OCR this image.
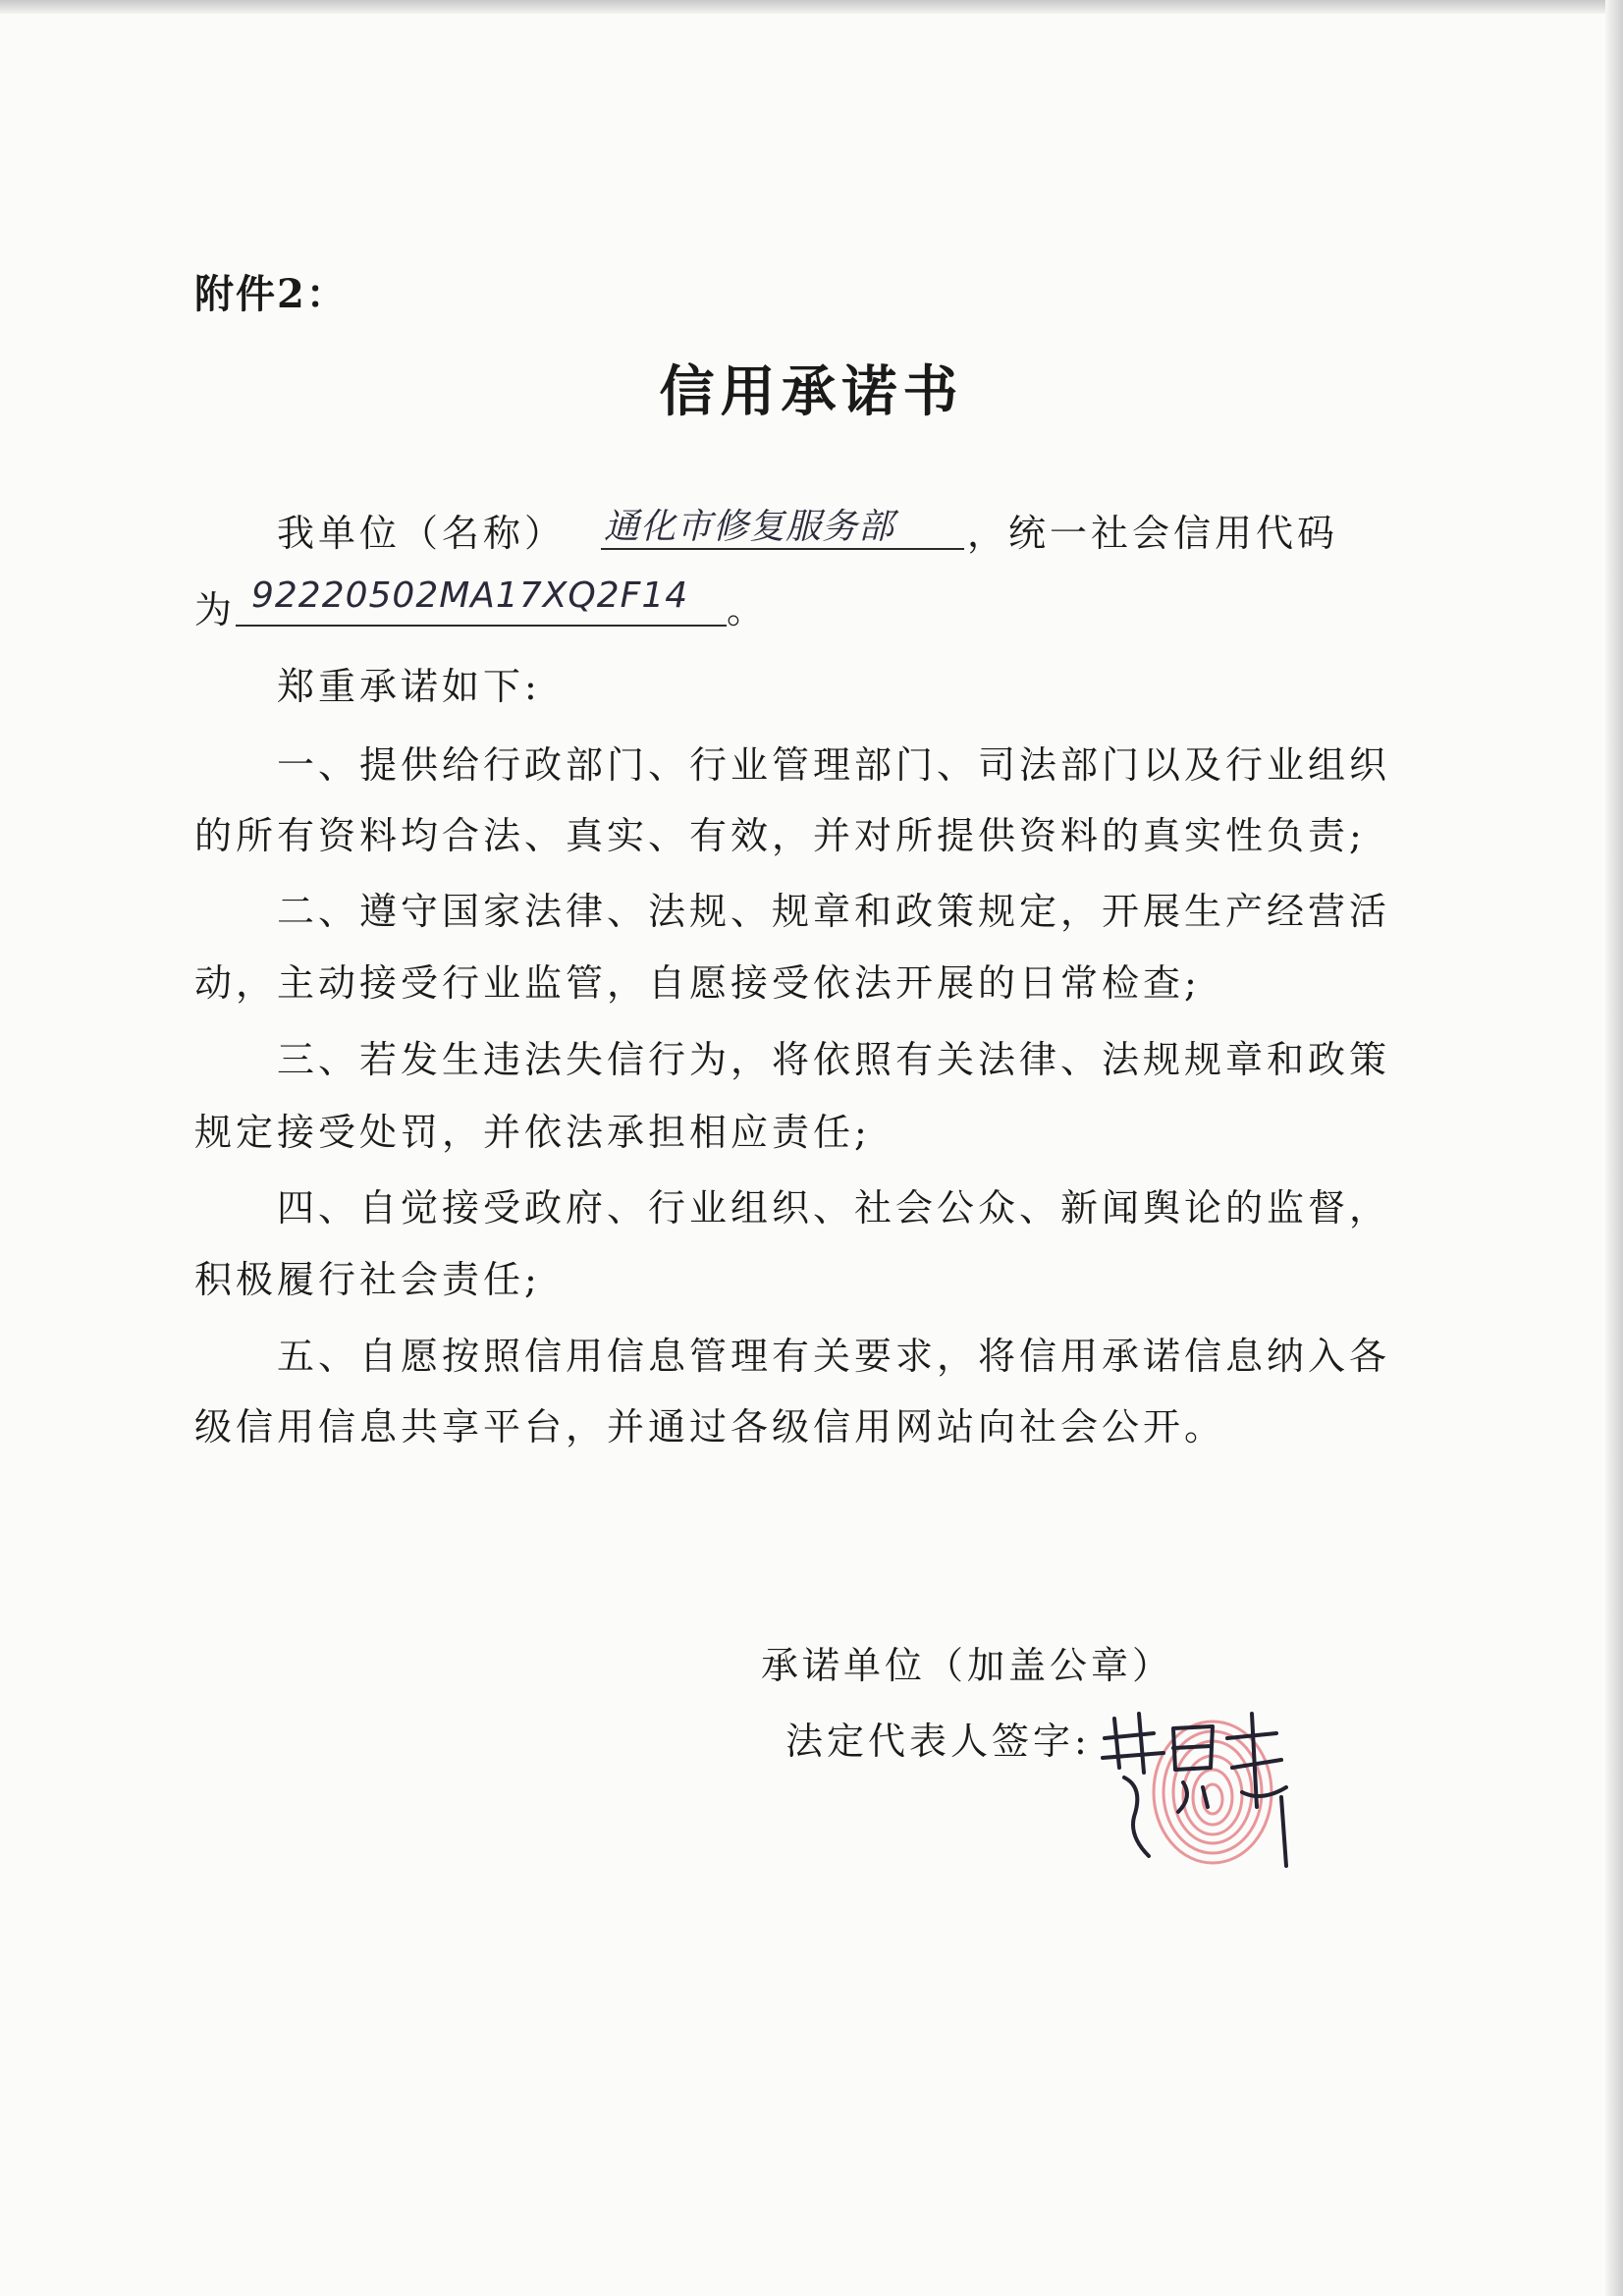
附件2：
信用承诺书
我单位（名称） 通化市修复服务部 ，统一社会信用代码
为 92220502MA17XQ2F14 。
郑重承诺如下:
一、提供给行政部门、行业管理部门、司法部门以及行业组织
的所有资料均合法、真实、有效，并对所提供资料的真实性负责;
二、遵守国家法律、法规、规章和政策规定，开展生产经营活
动，主动接受行业监管，自愿接受依法开展的日常检查;
三、若发生违法失信行为，将依照有关法律、法规规章和政策
规定接受处罚，并依法承担相应责任;
四、自觉接受政府、行业组织、社会公众、新闻舆论的监督，
积极履行社会责任;
五、自愿按照信用信息管理有关要求，将信用承诺信息纳入各
级信用信息共享平台，并通过各级信用网站向社会公开。
承诺单位（加盖公章）
法定代表人签字:
